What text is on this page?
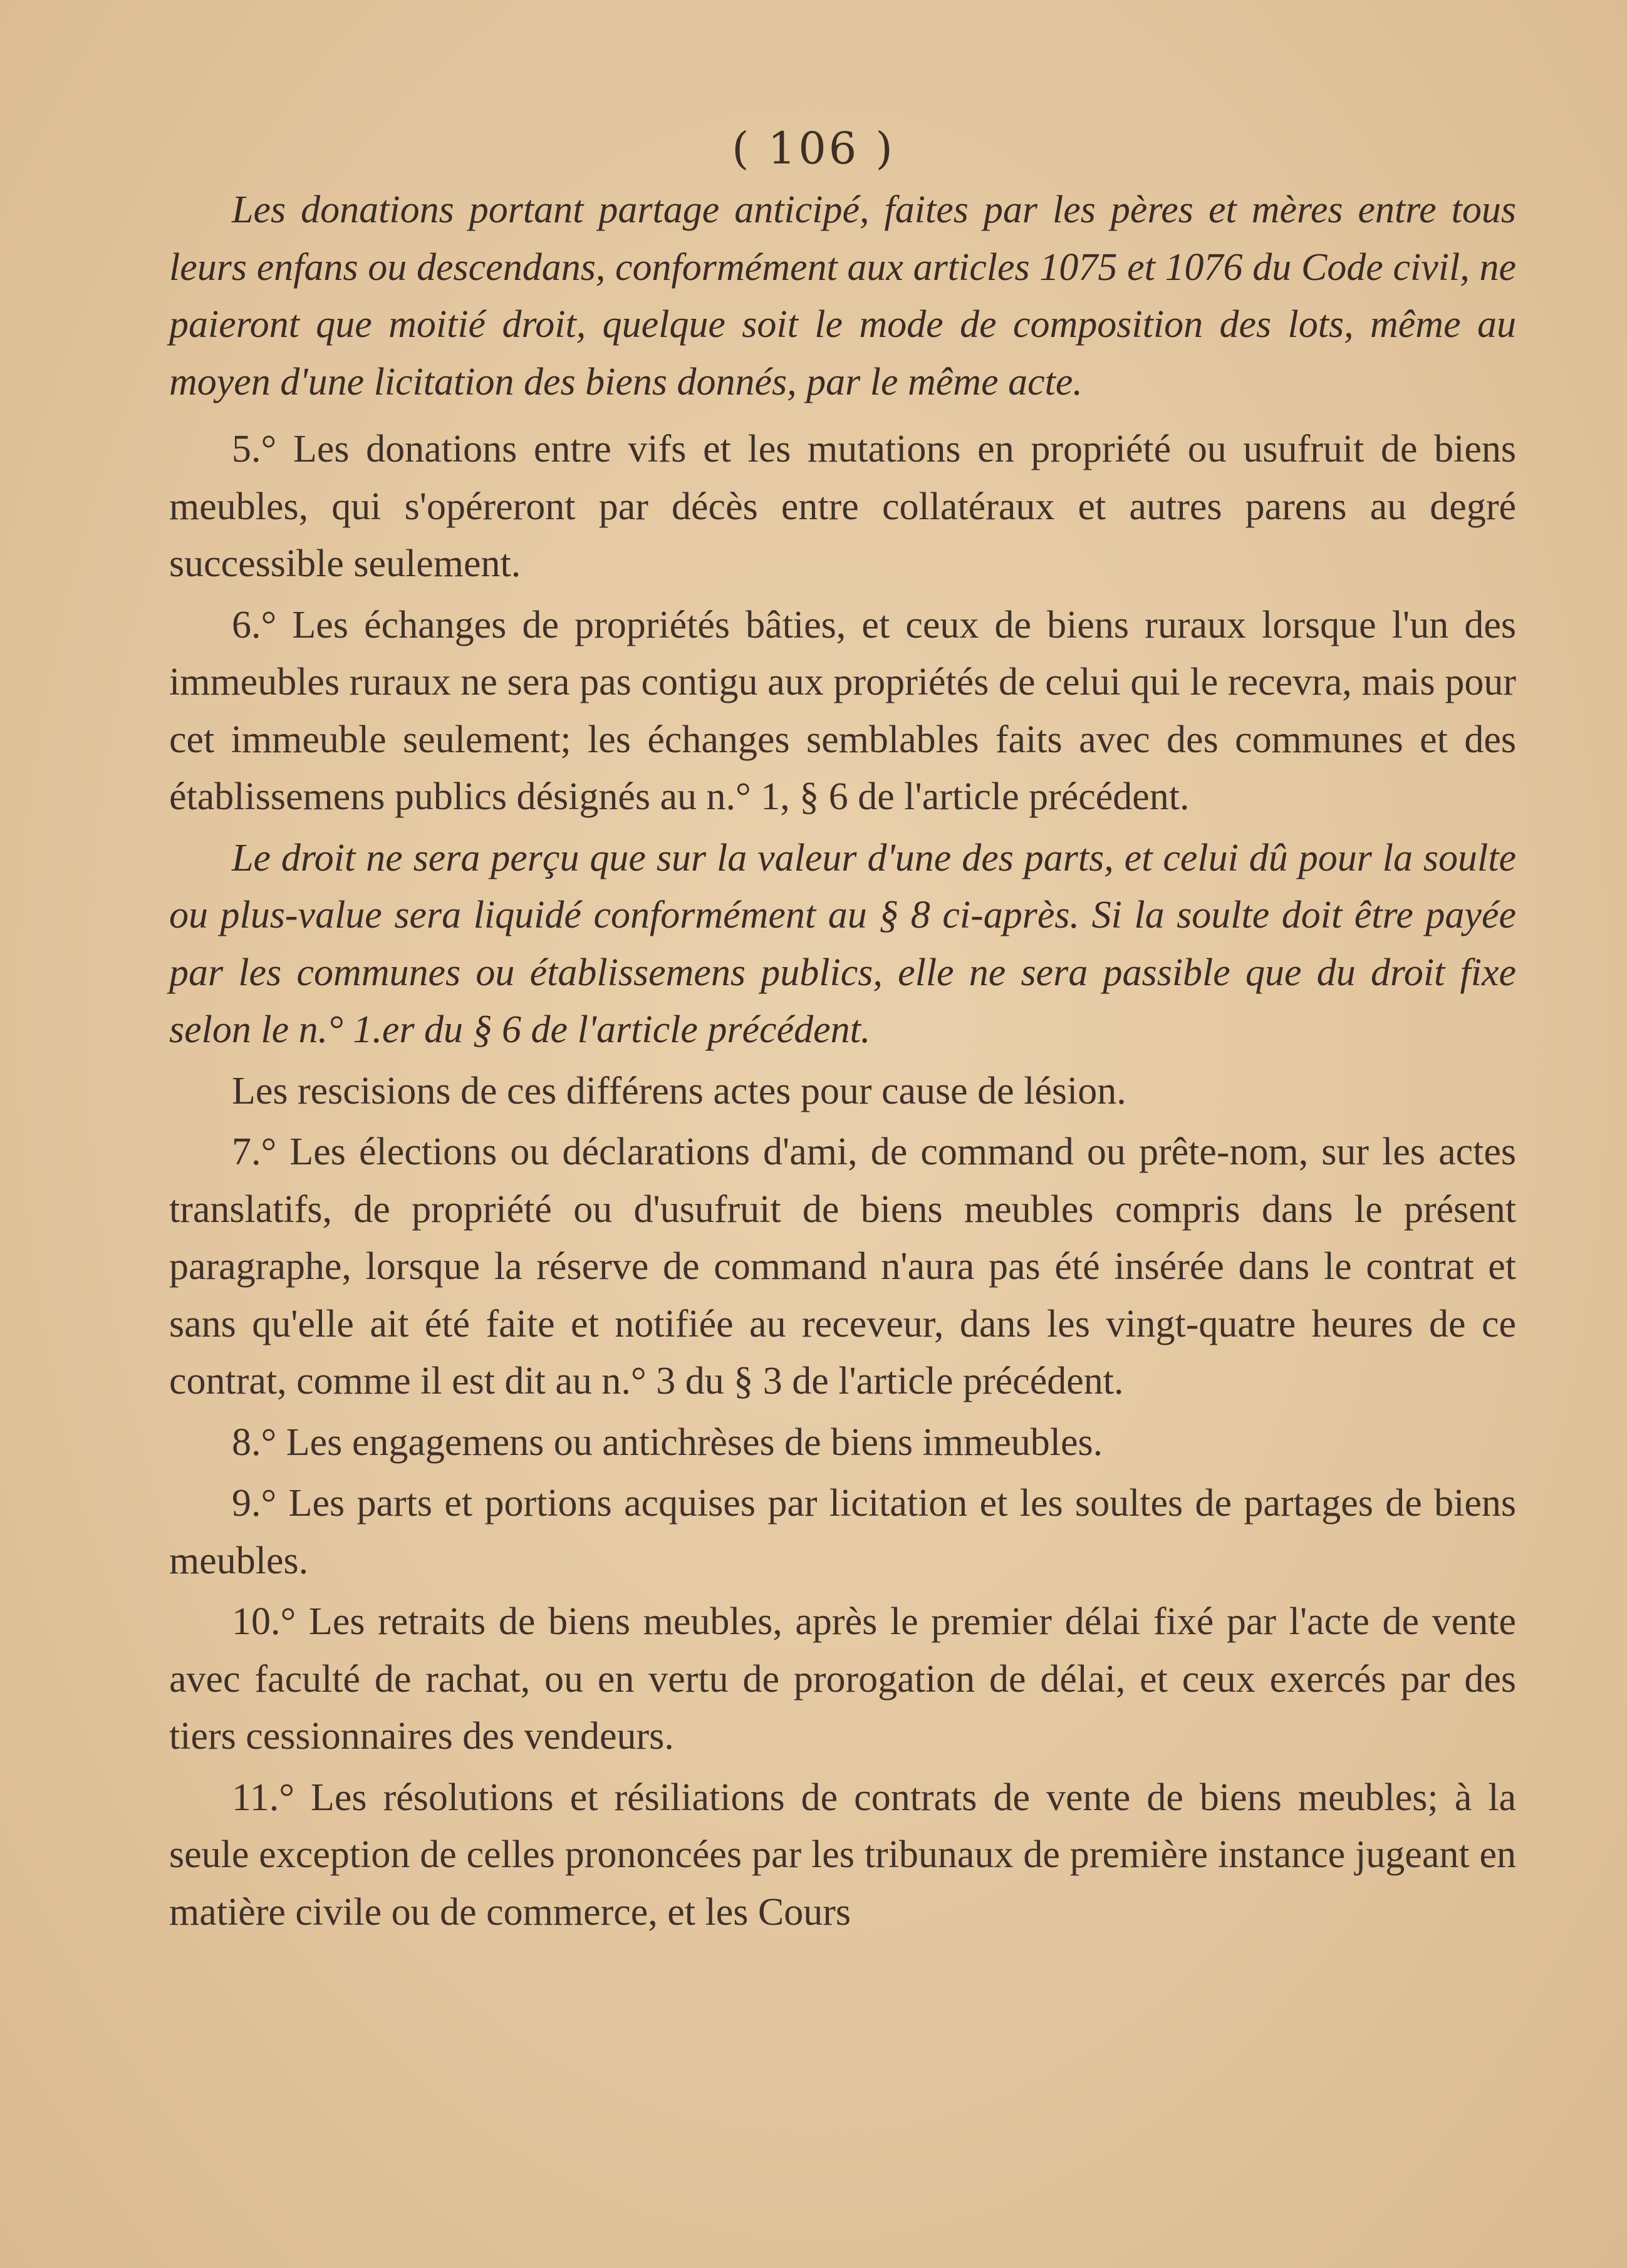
( 106 )

Les donations portant partage anticipé, faites par les pères et mères entre tous leurs enfans ou descendans, conformément aux articles 1075 et 1076 du Code civil, ne paieront que moitié droit, quelque soit le mode de composition des lots, même au moyen d'une licitation des biens donnés, par le même acte.

5.° Les donations entre vifs et les mutations en propriété ou usufruit de biens meubles, qui s'opéreront par décès entre collatéraux et autres parens au degré successible seulement.

6.° Les échanges de propriétés bâties, et ceux de biens ruraux lorsque l'un des immeubles ruraux ne sera pas contigu aux propriétés de celui qui le recevra, mais pour cet immeuble seulement; les échanges semblables faits avec des communes et des établissemens publics désignés au n.° 1, § 6 de l'article précédent.

Le droit ne sera perçu que sur la valeur d'une des parts, et celui dû pour la soulte ou plus-value sera liquidé conformément au § 8 ci-après. Si la soulte doit être payée par les communes ou établissemens publics, elle ne sera passible que du droit fixe selon le n.° 1.er du § 6 de l'article précédent.

Les rescisions de ces différens actes pour cause de lésion.

7.° Les élections ou déclarations d'ami, de command ou prête-nom, sur les actes translatifs, de propriété ou d'usufruit de biens meubles compris dans le présent paragraphe, lorsque la réserve de command n'aura pas été insérée dans le contrat et sans qu'elle ait été faite et notifiée au receveur, dans les vingt-quatre heures de ce contrat, comme il est dit au n.° 3 du § 3 de l'article précédent.

8.° Les engagemens ou antichrèses de biens immeubles.

9.° Les parts et portions acquises par licitation et les soultes de partages de biens meubles.

10.° Les retraits de biens meubles, après le premier délai fixé par l'acte de vente avec faculté de rachat, ou en vertu de prorogation de délai, et ceux exercés par des tiers cessionnaires des vendeurs.

11.° Les résolutions et résiliations de contrats de vente de biens meubles; à la seule exception de celles prononcées par les tribunaux de première instance jugeant en matière civile ou de commerce, et les Cours
